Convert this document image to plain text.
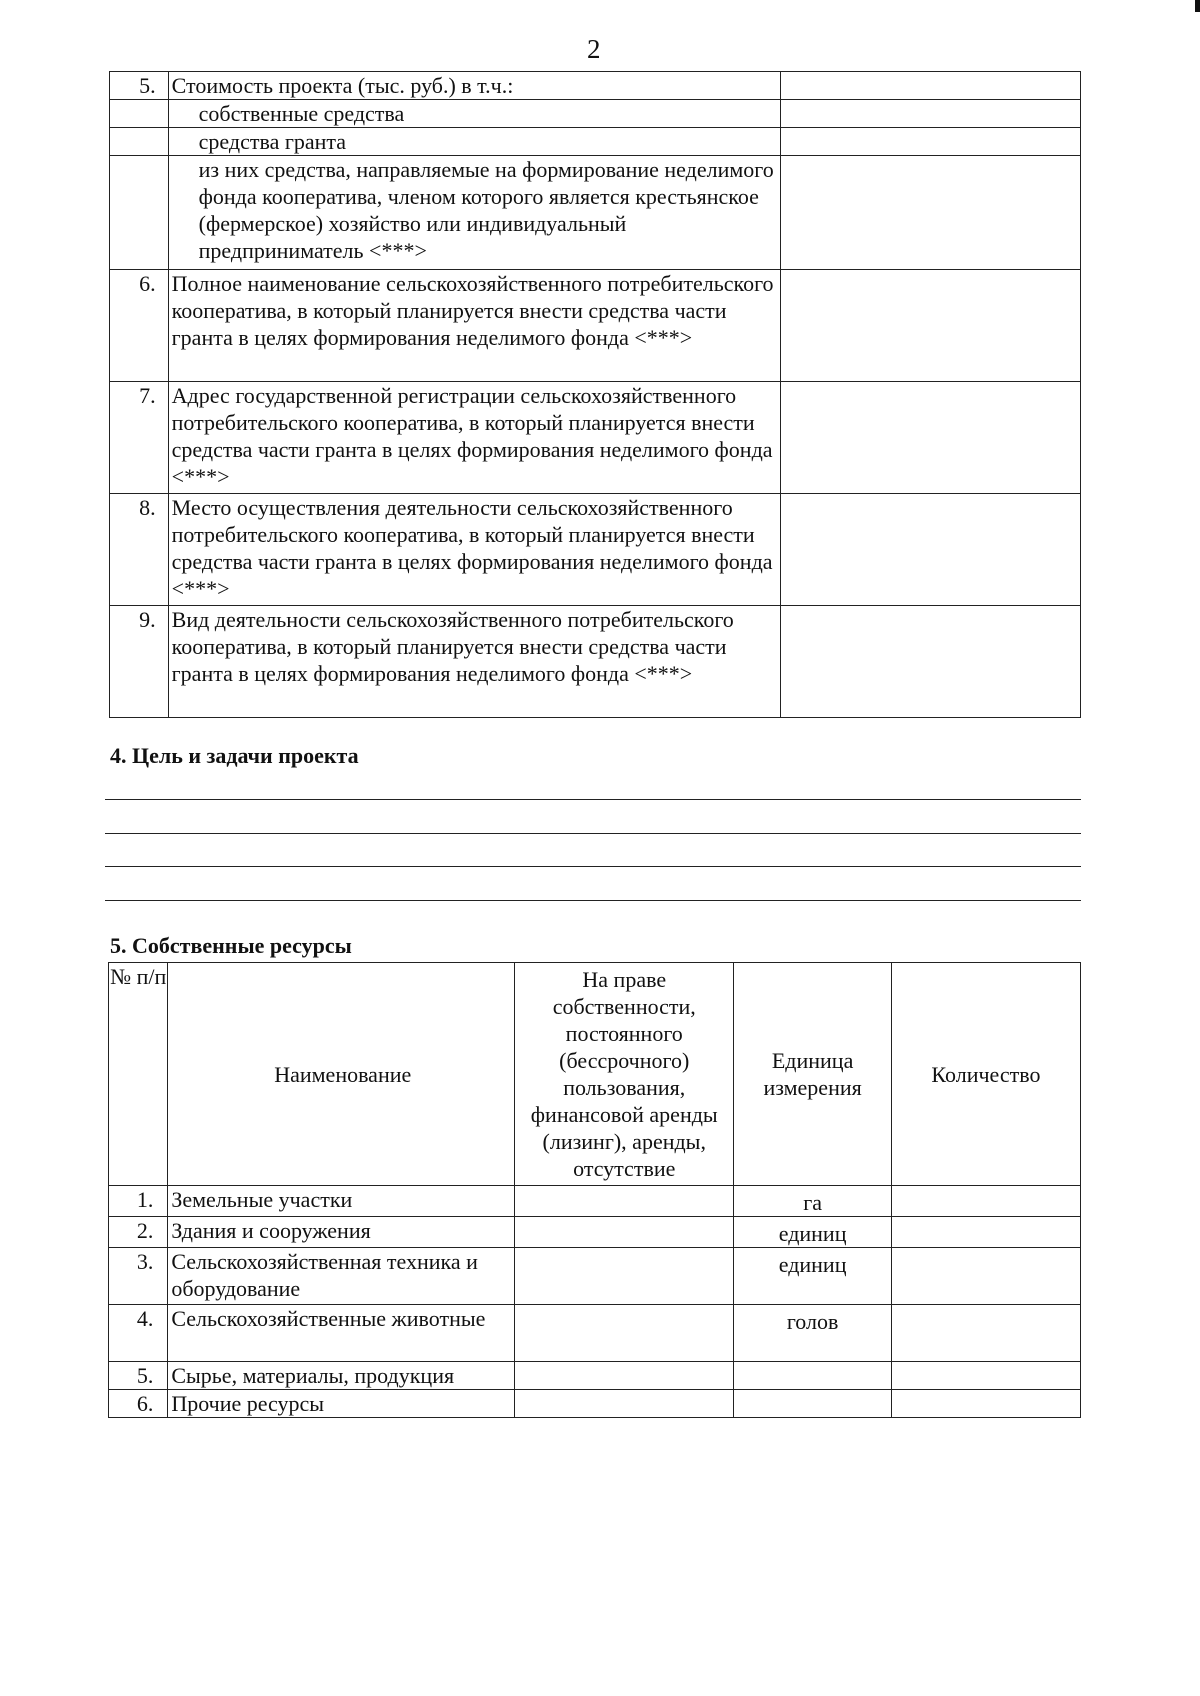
2
5.	Стоимость проекта (тыс. руб.) в т.ч.:	
	собственные средства	
	средства гранта	
	из них средства, направляемые на формирование неделимого фонда кооператива, членом которого является крестьянское (фермерское) хозяйство или индивидуальный предприниматель <***>	
6.	Полное наименование сельскохозяйственного потребительского кооператива, в который планируется внести средства части гранта в целях формирования неделимого фонда <***>	
7.	Адрес государственной регистрации сельскохозяйственного потребительского кооператива, в который планируется внести средства части гранта в целях формирования неделимого фонда <***>	
8.	Место осуществления деятельности сельскохозяйственного потребительского кооператива, в который планируется внести средства части гранта в целях формирования неделимого фонда <***>	
9.	Вид деятельности сельскохозяйственного потребительского кооператива, в который планируется внести средства части гранта в целях формирования неделимого фонда <***>	
4. Цель и задачи проекта
5. Собственные ресурсы
№ п/п	Наименование	На праве собственности, постоянного (бессрочного) пользования, финансовой аренды (лизинг), аренды, отсутствие	Единица измерения	Количество
1.	Земельные участки		га	
2.	Здания и сооружения		единиц	
3.	Сельскохозяйственная техника и оборудование		единиц	
4.	Сельскохозяйственные животные		голов	
5.	Сырье, материалы, продукция			
6.	Прочие ресурсы			
